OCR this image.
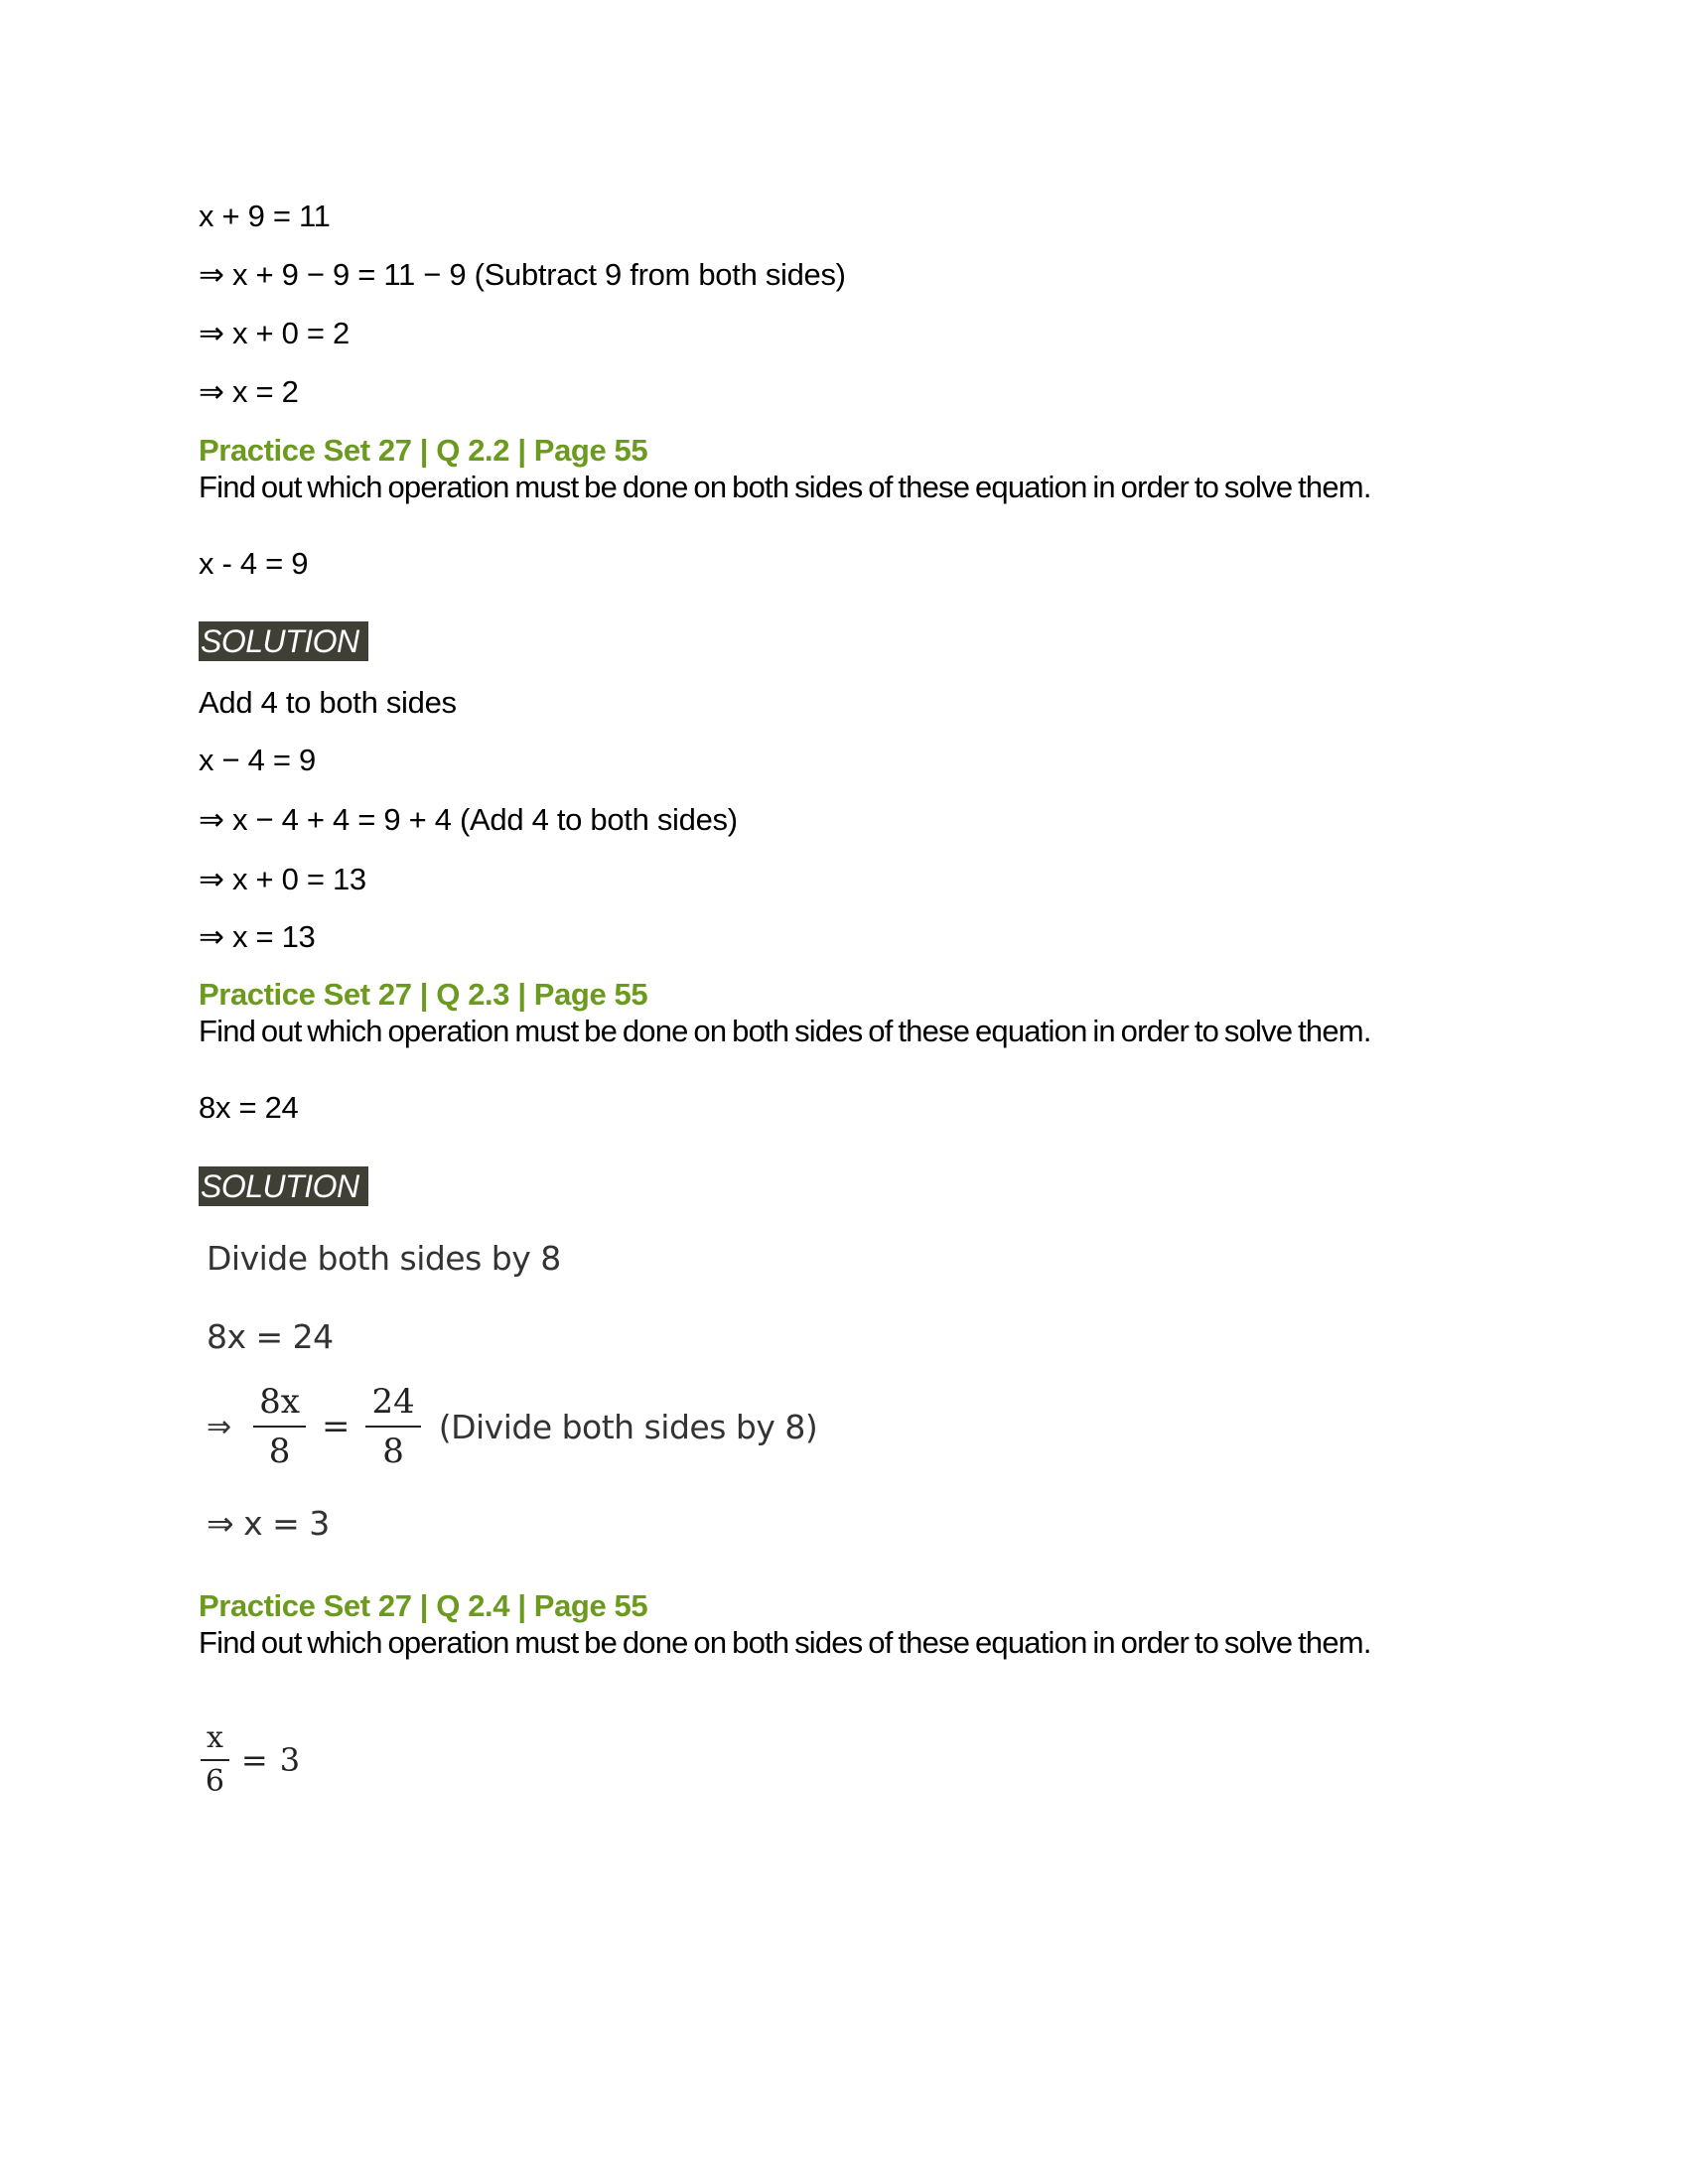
x + 9 = 11
⇒ x + 9 − 9 = 11 − 9 (Subtract 9 from both sides)
⇒ x + 0 = 2
⇒ x = 2
Practice Set 27 | Q 2.2 | Page 55
Find out which operation must be done on both sides of these equation in order to solve them.
x - 4 = 9
SOLUTION
Add 4 to both sides
x − 4 = 9
⇒ x − 4 + 4 = 9 + 4 (Add 4 to both sides)
⇒ x + 0 = 13
⇒ x = 13
Practice Set 27 | Q 2.3 | Page 55
Find out which operation must be done on both sides of these equation in order to solve them.
8x = 24
SOLUTION
Divide both sides by 8
8x = 24
⇒ $\frac{8x}{8} = \frac{24}{8}$ (Divide both sides by 8)
⇒ x = 3
Practice Set 27 | Q 2.4 | Page 55
Find out which operation must be done on both sides of these equation in order to solve them.
$\frac{x}{6} = 3$
